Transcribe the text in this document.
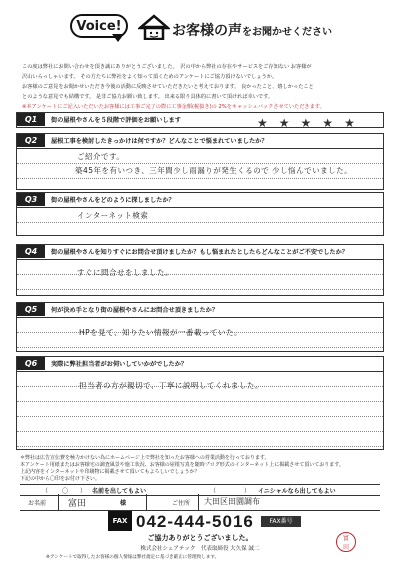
Voice!	お客様の声をお聞かせください
この度は弊社にお問い合わせを頂き誠にありがとうございました。　沢の中から弊社の存在やサービスをご存知ない お客様が
沢山いらっしゃいます。 その方たちに弊社をよく知って頂くためのアンケートにご協力頂けないでしょうか。
お客様のご意見をお聞かせいただき今後の活動に反映させていただきたいと考えております。 良かったこと、嬉しかったこと
とのような意見でも結構です。 是非ご協力お願い致します。 出来る限り具体的に書いて頂ければ幸いです。
※本アンケートにご記入いただいたお客様には工事ご完了の際に工事金額(税抜き)の 2%をキャッシュバックさせていただきます。
Q1	街の屋根やさんを５段階で評価をお願いします	★ ★ ★ ★ ★
Q2	屋根工事を検討したきっかけは何ですか？どんなことで悩まれていましたか？
ご紹介です。
築45年を有いつき、三年間少し雨漏りが発生くるので 少し悩んでいました。
Q3	街の屋根やさんをどのように探しましたか？
インターネット検索
Q4	街の屋根やさんを知りすぐにお問合せ頂けましたか？もし悩まれたとしたらどんなことがご不安でしたか？
すぐに問合せをしました。
Q5	何が決め手となり街の屋根やさんにお問合せ頂きましたか？
HPを見て、知りたい情報が一番載っていた。
Q6	実際に弊社担当者がお伺いしていかがでしたか？
担当者の方が親切で、丁寧に説明してくれました。
＊弊社は広告宣伝費を極力かけない為にホームページ上で弊社を知ったお客様への営業活動を行っております。
本アンケート用紙またはお客様宅の調査風景や施工状況、お客様の屋根写真を随時ブログ形式のインターネット上に掲載させて頂いております。
上記内容をインターネットや印刷物に掲載させて頂いてもよろしいでしょうか？
下記の中から〇印をお付け下さい。
（ 〇 ） 名前を出してもよい	（	） イニシャルなら出してもよい
お名前 富田	様	ご住所 大田区田園調布
FAX 042-444-5016	FAX番号
ご協力ありがとうございました。
株式会社シェアテック　代表取締役 大久保 誠二
※アンケートで取得したお客様の個人情報は弊社規定に基づき厳正に管理致します。
富
田
